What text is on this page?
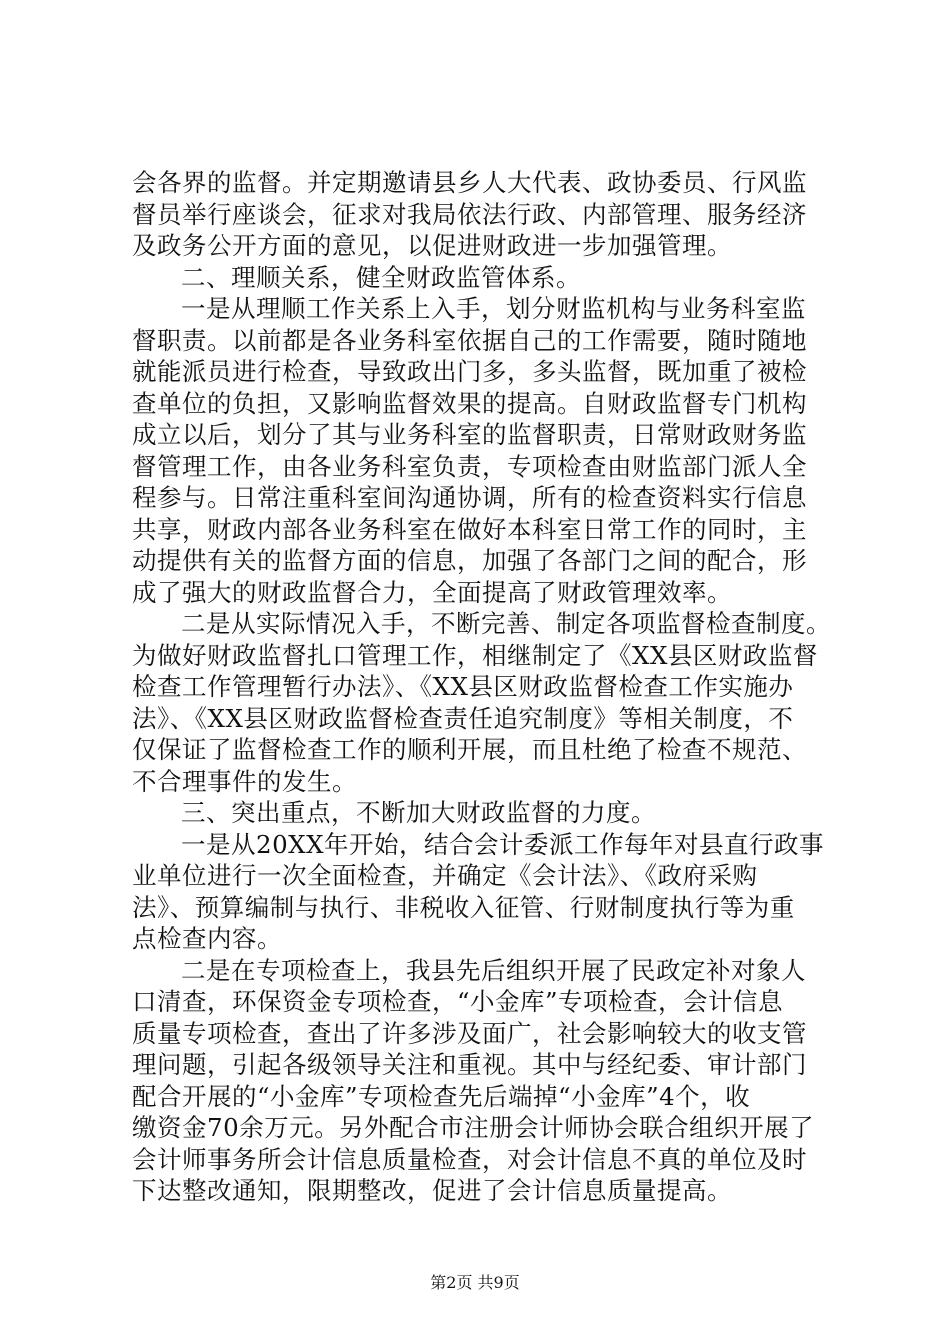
会各界的监督。并定期邀请县乡人大代表、政协委员、行风监
督员举行座谈会，征求对我局依法行政、内部管理、服务经济
及政务公开方面的意见，以促进财政进一步加强管理。
二、理顺关系，健全财政监管体系。
一是从理顺工作关系上入手，划分财监机构与业务科室监
督职责。以前都是各业务科室依据自己的工作需要，随时随地
就能派员进行检查，导致政出门多，多头监督，既加重了被检
查单位的负担，又影响监督效果的提高。自财政监督专门机构
成立以后，划分了其与业务科室的监督职责，日常财政财务监
督管理工作，由各业务科室负责，专项检查由财监部门派人全
程参与。日常注重科室间沟通协调，所有的检查资料实行信息
共享，财政内部各业务科室在做好本科室日常工作的同时，主
动提供有关的监督方面的信息，加强了各部门之间的配合，形
成了强大的财政监督合力，全面提高了财政管理效率。
二是从实际情况入手，不断完善、制定各项监督检查制度。
为做好财政监督扎口管理工作，相继制定了《XX县区财政监督
检查工作管理暂行办法》、《XX县区财政监督检查工作实施办
法》、《XX县区财政监督检查责任追究制度》等相关制度，不
仅保证了监督检查工作的顺利开展，而且杜绝了检查不规范、
不合理事件的发生。
三、突出重点，不断加大财政监督的力度。
一是从20XX年开始，结合会计委派工作每年对县直行政事
业单位进行一次全面检查，并确定《会计法》、《政府采购
法》、预算编制与执行、非税收入征管、行财制度执行等为重
点检查内容。
二是在专项检查上，我县先后组织开展了民政定补对象人
口清查，环保资金专项检查，“小金库”专项检查，会计信息
质量专项检查，查出了许多涉及面广，社会影响较大的收支管
理问题，引起各级领导关注和重视。其中与经纪委、审计部门
配合开展的“小金库”专项检查先后端掉“小金库”4个，收
缴资金70余万元。另外配合市注册会计师协会联合组织开展了
会计师事务所会计信息质量检查，对会计信息不真的单位及时
下达整改通知，限期整改，促进了会计信息质量提高。
第2页 共9页
